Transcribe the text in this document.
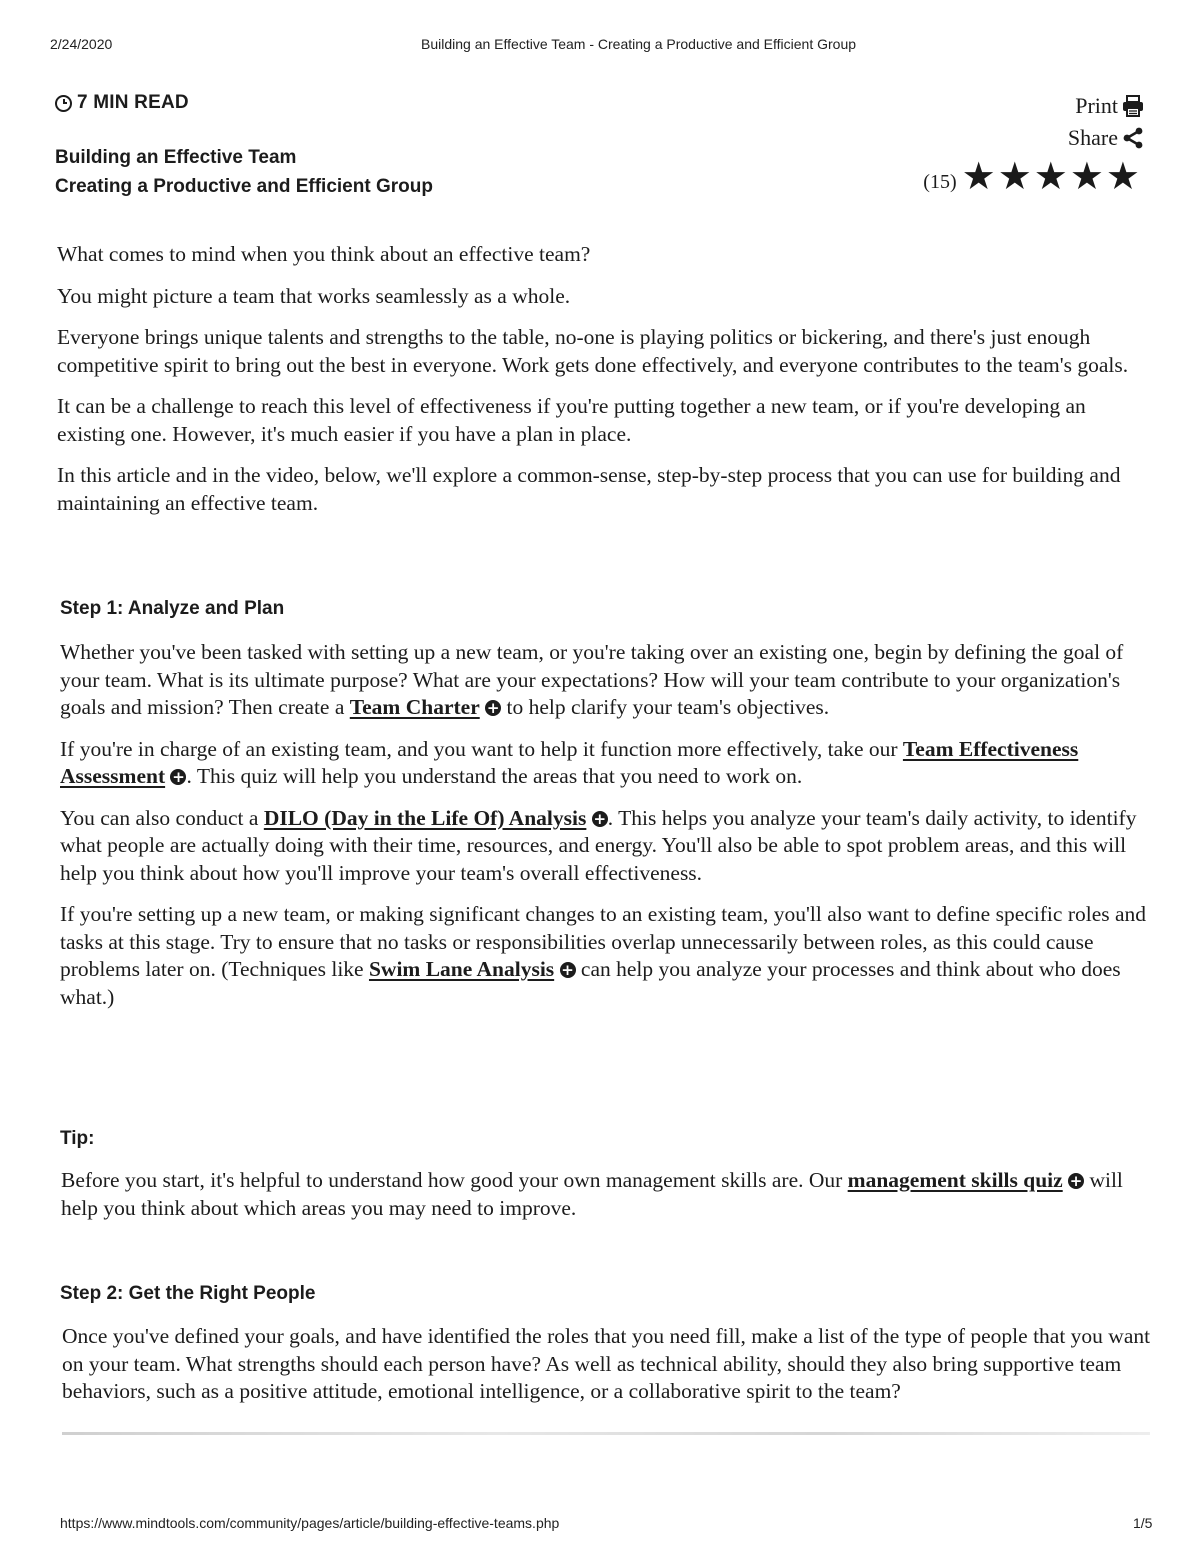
2/24/2020	Building an Effective Team - Creating a Productive and Efficient Group
7 MIN READ
Building an Effective Team
Creating a Productive and Efficient Group
Print
Share
(15) ★ ★ ★ ★ ★

What comes to mind when you think about an effective team?

You might picture a team that works seamlessly as a whole.

Everyone brings unique talents and strengths to the table, no-one is playing politics or bickering, and there's just enough competitive spirit to bring out the best in everyone. Work gets done effectively, and everyone contributes to the team's goals.

It can be a challenge to reach this level of effectiveness if you're putting together a new team, or if you're developing an existing one. However, it's much easier if you have a plan in place.

In this article and in the video, below, we'll explore a common-sense, step-by-step process that you can use for building and maintaining an effective team.

Step 1: Analyze and Plan

Whether you've been tasked with setting up a new team, or you're taking over an existing one, begin by defining the goal of your team. What is its ultimate purpose? What are your expectations? How will your team contribute to your organization's goals and mission? Then create a Team Charter + to help clarify your team's objectives.

If you're in charge of an existing team, and you want to help it function more effectively, take our Team Effectiveness Assessment +. This quiz will help you understand the areas that you need to work on.

You can also conduct a DILO (Day in the Life Of) Analysis +. This helps you analyze your team's daily activity, to identify what people are actually doing with their time, resources, and energy. You'll also be able to spot problem areas, and this will help you think about how you'll improve your team's overall effectiveness.

If you're setting up a new team, or making significant changes to an existing team, you'll also want to define specific roles and tasks at this stage. Try to ensure that no tasks or responsibilities overlap unnecessarily between roles, as this could cause problems later on. (Techniques like Swim Lane Analysis + can help you analyze your processes and think about who does what.)

Tip:

Before you start, it's helpful to understand how good your own management skills are. Our management skills quiz + will help you think about which areas you may need to improve.

Step 2: Get the Right People

Once you've defined your goals, and have identified the roles that you need fill, make a list of the type of people that you want on your team. What strengths should each person have? As well as technical ability, should they also bring supportive team behaviors, such as a positive attitude, emotional intelligence, or a collaborative spirit to the team?

https://www.mindtools.com/community/pages/article/building-effective-teams.php	1/5
